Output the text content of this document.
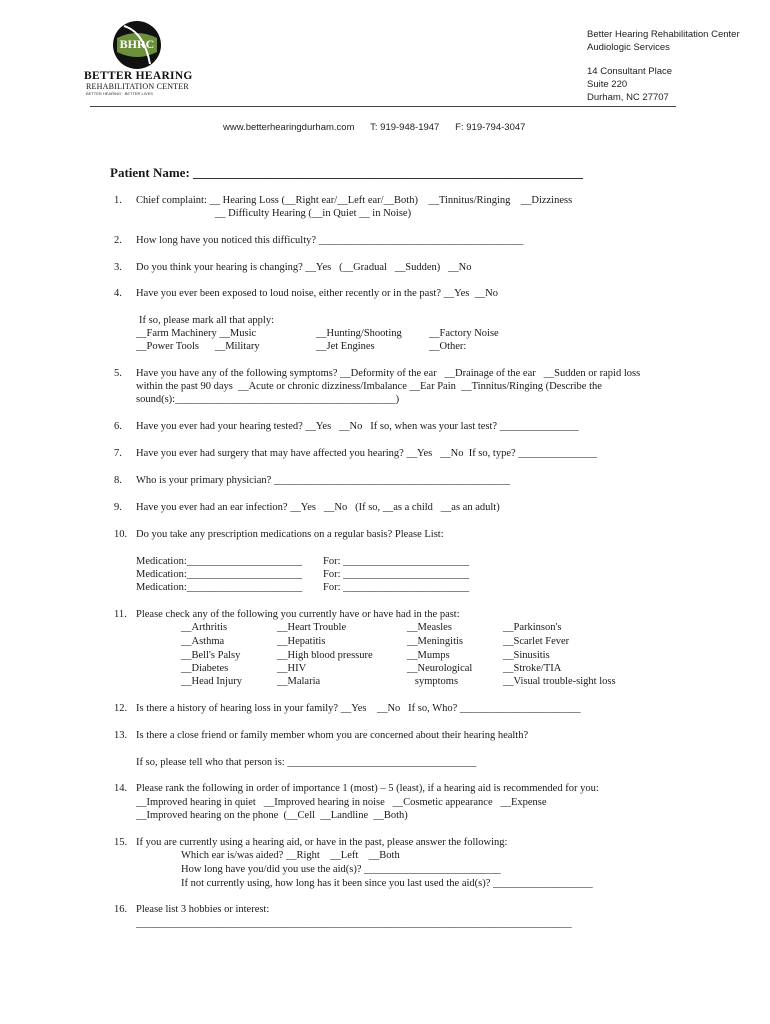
BHRC
BETTER HEARING
REHABILITATION CENTER
BETTER HEARING · BETTER LIVES
Better Hearing Rehabilitation Center
Audiologic Services
14 Consultant Place
Suite 220
Durham, NC 27707
www.betterhearingdurham.com      T: 919-948-1947      F: 919-794-3047
Patient Name: ____________________________________________________________
1. Chief complaint: __ Hearing Loss (__Right ear/__Left ear/__Both)    __Tinnitus/Ringing    __Dizziness
__ Difficulty Hearing (__in Quiet __ in Noise)
2. How long have you noticed this difficulty? _______________________________________
3. Do you think your hearing is changing? __Yes   (__Gradual   __Sudden)   __No
4. Have you ever been exposed to loud noise, either recently or in the past? __Yes  __No
If so, please mark all that apply:
__Farm Machinery __Music
__Power Tools      __Military
__Hunting/Shooting
__Jet Engines
__Factory Noise
__Other:
5. Have you have any of the following symptoms? __Deformity of the ear   __Drainage of the ear   __Sudden or rapid loss
within the past 90 days  __Acute or chronic dizziness/Imbalance __Ear Pain  __Tinnitus/Ringing (Describe the
sound(s):__________________________________________)
6. Have you ever had your hearing tested? __Yes   __No   If so, when was your last test? _______________
7. Have you ever had surgery that may have affected you hearing? __Yes   __No  If so, type? _______________
8. Who is your primary physician? _____________________________________________
9. Have you ever had an ear infection? __Yes   __No   (If so, __as a child   __as an adult)
10. Do you take any prescription medications on a regular basis? Please List:
Medication:______________________ For: ________________________
Medication:______________________ For: ________________________
Medication:______________________ For: ________________________
11. Please check any of the following you currently have or have had in the past:
__Arthritis
__Asthma
__Bell's Palsy
__Diabetes
__Head Injury
__Heart Trouble
__Hepatitis
__High blood pressure
__HIV
__Malaria
__Measles
__Meningitis
__Mumps
__Neurological
symptoms
__Parkinson's
__Scarlet Fever
__Sinusitis
__Stroke/TIA
__Visual trouble-sight loss
12. Is there a history of hearing loss in your family? __Yes    __No   If so, Who? _______________________
13. Is there a close friend or family member whom you are concerned about their hearing health?
If so, please tell who that person is: ____________________________________
14. Please rank the following in order of importance 1 (most) – 5 (least), if a hearing aid is recommended for you:
__Improved hearing in quiet   __Improved hearing in noise   __Cosmetic appearance   __Expense
__Improved hearing on the phone  (__Cell  __Landline  __Both)
15. If you are currently using a hearing aid, or have in the past, please answer the following:
Which ear is/was aided? __Right    __Left    __Both
How long have you/did you use the aid(s)? __________________________
If not currently using, how long has it been since you last used the aid(s)? ___________________
16. Please list 3 hobbies or interest:
___________________________________________________________________________________
